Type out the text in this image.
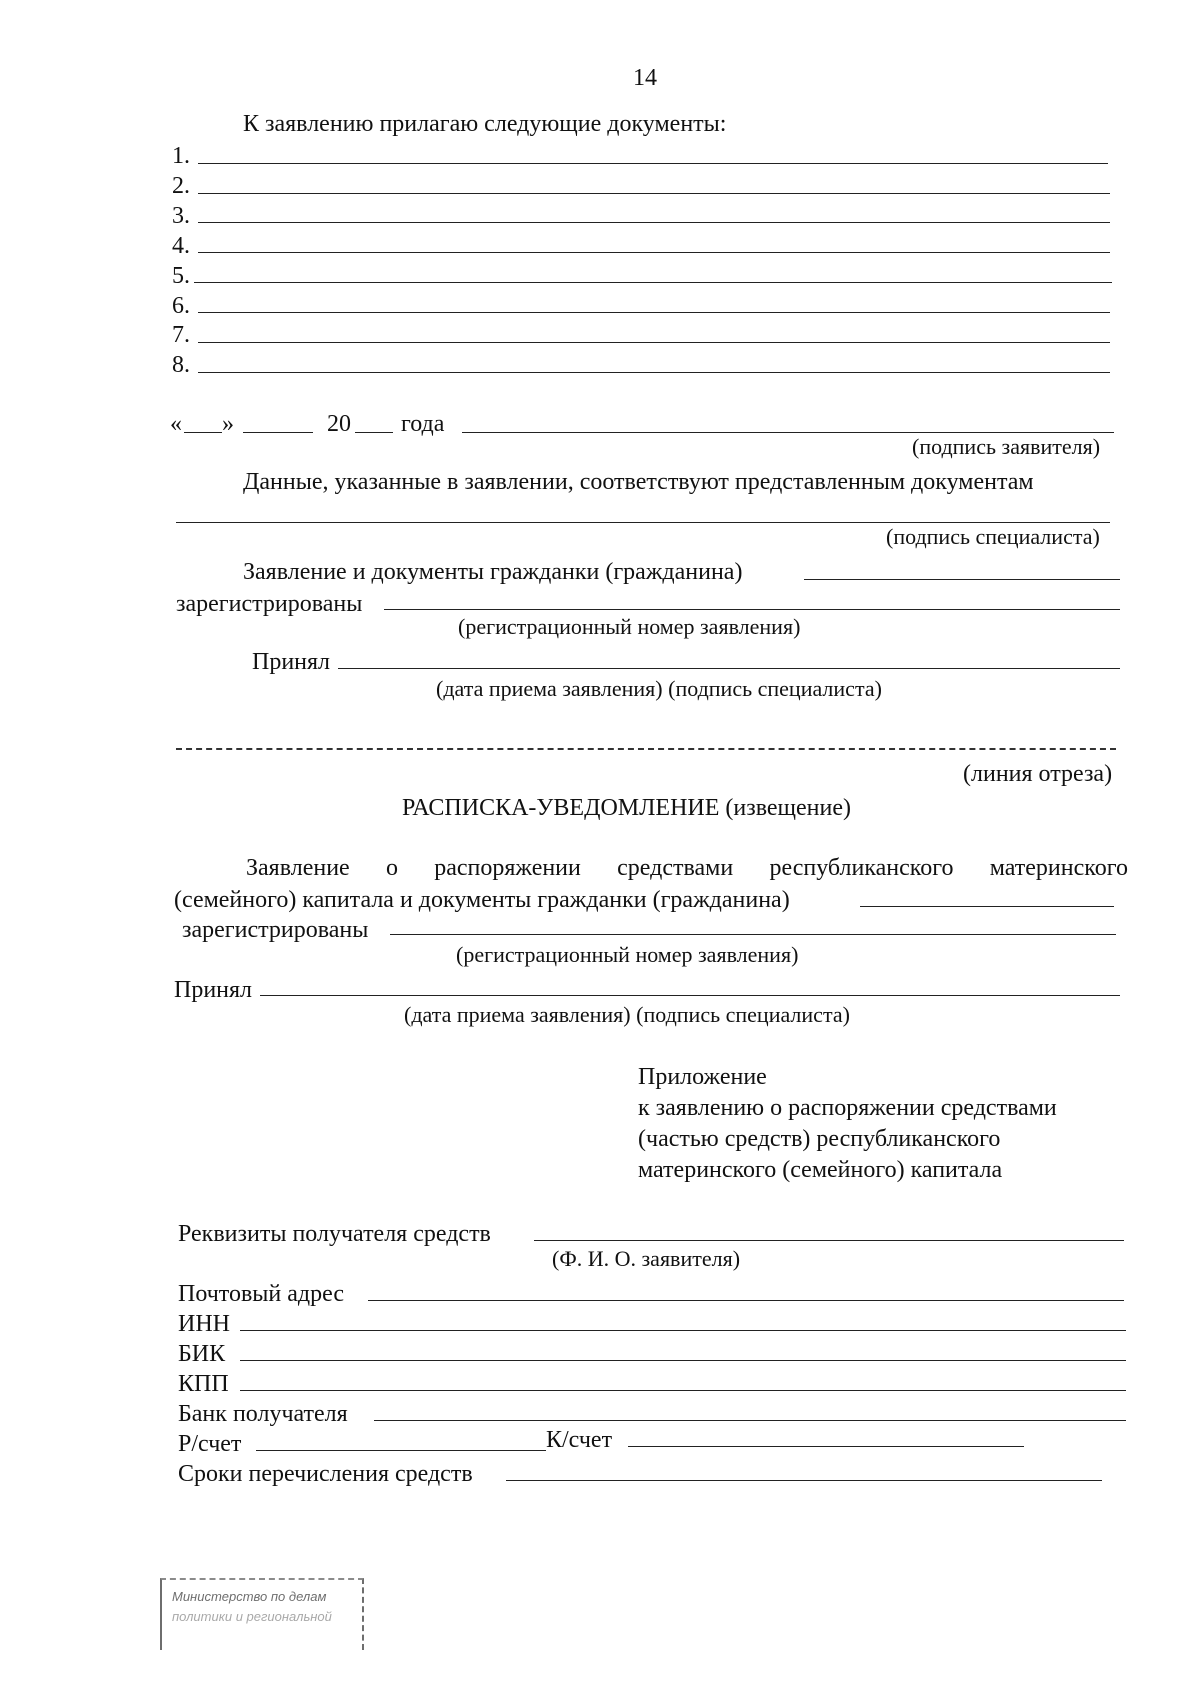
14
К заявлению прилагаю следующие документы:
1.
2.
3.
4.
5.
6.
7.
8.
« »	20 года
(подпись заявителя)
Данные, указанные в заявлении, соответствуют представленным документам
(подпись специалиста)
Заявление и документы гражданки (гражданина)
зарегистрированы
(регистрационный номер заявления)
Принял
(дата приема заявления) (подпись специалиста)
(линия отреза)
РАСПИСКА-УВЕДОМЛЕНИЕ (извещение)
Заявление о распоряжении средствами республиканского материнского
(семейного) капитала и документы гражданки (гражданина)
зарегистрированы
(регистрационный номер заявления)
Принял
(дата приема заявления) (подпись специалиста)
Приложение
к заявлению о распоряжении средствами
(частью средств) республиканского
материнского (семейного) капитала
Реквизиты получателя средств
(Ф. И. О. заявителя)
Почтовый адрес
ИНН
БИК
КПП
Банк получателя
Р/счет	К/счет
Сроки перечисления средств
Министерство по делам
политики и региональной
